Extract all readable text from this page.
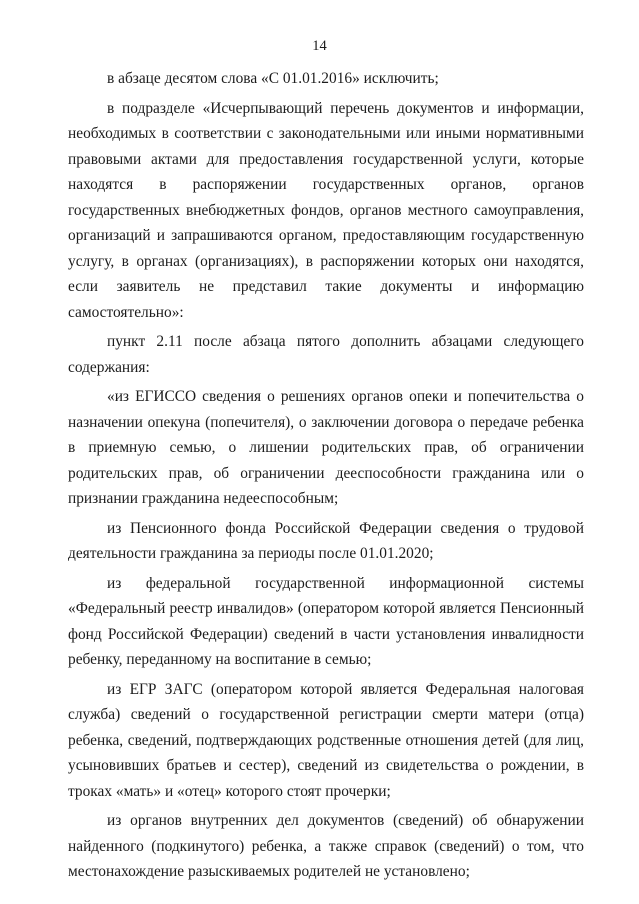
14

в абзаце десятом слова «С 01.01.2016» исключить;

в подразделе «Исчерпывающий перечень документов и информации, необходимых в соответствии с законодательными или иными нормативными правовыми актами для предоставления государственной услуги, которые находятся в распоряжении государственных органов, органов государственных внебюджетных фондов, органов местного самоуправления, организаций и запрашиваются органом, предоставляющим государственную услугу, в органах (организациях), в распоряжении которых они находятся, если заявитель не представил такие документы и информацию самостоятельно»:

пункт 2.11 после абзаца пятого дополнить абзацами следующего содержания:

«из ЕГИССО сведения о решениях органов опеки и попечительства о назначении опекуна (попечителя), о заключении договора о передаче ребенка в приемную семью, о лишении родительских прав, об ограничении родительских прав, об ограничении дееспособности гражданина или о признании гражданина недееспособным;

из Пенсионного фонда Российской Федерации сведения о трудовой деятельности гражданина за периоды после 01.01.2020;

из федеральной государственной информационной системы

«Федеральный реестр инвалидов» (оператором которой является Пенсионный фонд Российской Федерации) сведений в части установления инвалидности ребенку, переданному на воспитание в семью;

из ЕГР ЗАГС (оператором которой является Федеральная налоговая служба) сведений о государственной регистрации смерти матери (отца) ребенка, сведений, подтверждающих родственные отношения детей (для лиц, усыновивших братьев и сестер), сведений из свидетельства о рождении, в троках «мать» и «отец» которого стоят прочерки;

из органов внутренних дел документов (сведений) об обнаружении найденного (подкинутого) ребенка, а также справок (сведений) о том, что местонахождение разыскиваемых родителей не установлено;
